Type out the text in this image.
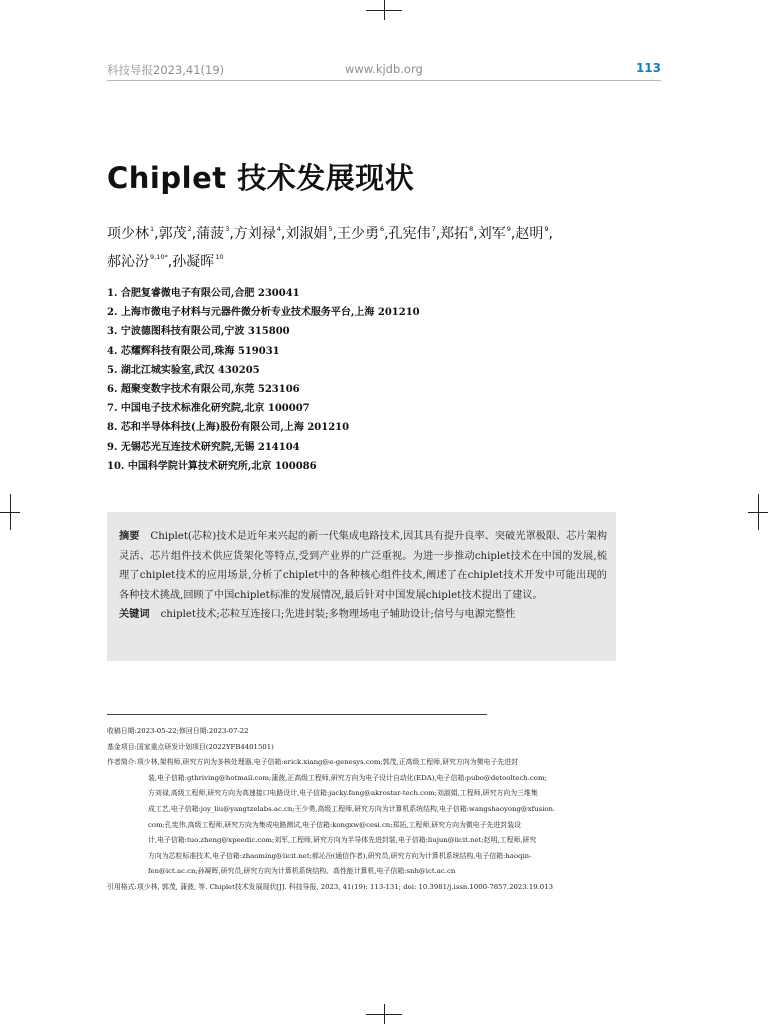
科技导报2023,41(19)	www.kjdb.org	113
Chiplet 技术发展现状

项少林$^1$,郭茂$^2$,蒲菠$^3$,方刘禄$^4$,刘淑娟$^5$,王少勇$^6$,孔宪伟$^7$,郑拓$^8$,刘军$^9$,赵明$^9$,
郝沁汾$^{9,10*}$,孙凝晖$^{10}$

1. 合肥复睿微电子有限公司,合肥 230041
2. 上海市微电子材料与元器件微分析专业技术服务平台,上海 201210
3. 宁波德图科技有限公司,宁波 315800
4. 芯耀辉科技有限公司,珠海 519031
5. 湖北江城实验室,武汉 430205
6. 超聚变数字技术有限公司,东莞 523106
7. 中国电子技术标准化研究院,北京 100007
8. 芯和半导体科技(上海)股份有限公司,上海 201210
9. 无锡芯光互连技术研究院,无锡 214104
10. 中国科学院计算技术研究所,北京 100086

摘要 Chiplet(芯粒)技术是近年来兴起的新一代集成电路技术,因其具有提升良率、突破光罩极限、芯片架构灵活、芯片组件技术供应货架化等特点,受到产业界的广泛重视。为进一步推动chiplet技术在中国的发展,梳理了chiplet技术的应用场景,分析了chiplet中的各种核心组件技术,阐述了在chiplet技术开发中可能出现的各种技术挑战,回顾了中国chiplet标准的发展情况,最后针对中国发展chiplet技术提出了建议。

关键词 chiplet技术;芯粒互连接口;先进封装;多物理场电子辅助设计;信号与电源完整性

收稿日期:2023-05-22;修回日期:2023-07-22

基金项目:国家重点研发计划项目(2022YFB4401501)

作者简介:项少林,架构师,研究方向为多核处理器,电子信箱:erick.xiang@e-genesys.com;郭茂,正高级工程师,研究方向为微电子先进封

装,电子信箱:gthriving@hotmail.com;蒲菠,正高级工程师,研究方向为电子设计自动化(EDA),电子信箱:pubo@detooltech.com;

方刘禄,高级工程师,研究方向为高速接口电路设计,电子信箱:jacky.fang@akrostar-tech.com;刘淑娟,工程师,研究方向为三维集

成工艺,电子信箱:joy_liu@yangtzelabs.ac.cn;王少勇,高级工程师,研究方向为计算机系统结构,电子信箱:wangshaoyong@xfusion.

com;孔宪伟,高级工程师,研究方向为集成电路测试,电子信箱:kongxw@cesi.cn;郑拓,工程师,研究方向为微电子先进封装设

计,电子信箱:tuo.zheng@xpeedic.com;刘军,工程师,研究方向为半导体先进封装,电子信箱:liujun@iicit.net;赵明,工程师,研究

方向为芯粒标准技术,电子信箱:zhaoming@iicit.net;郝沁汾(通信作者),研究员,研究方向为计算机系统结构,电子信箱:haoqin-

fen@ict.ac.cn;孙凝晖,研究员,研究方向为计算机系统结构、高性能计算机,电子信箱:snh@ict.ac.cn

引用格式:项少林, 郭茂, 蒲菠, 等. Chiplet技术发展现状[J]. 科技导报, 2023, 41(19): 113-131; doi: 10.3981/j.issn.1000-7857.2023.19.013
